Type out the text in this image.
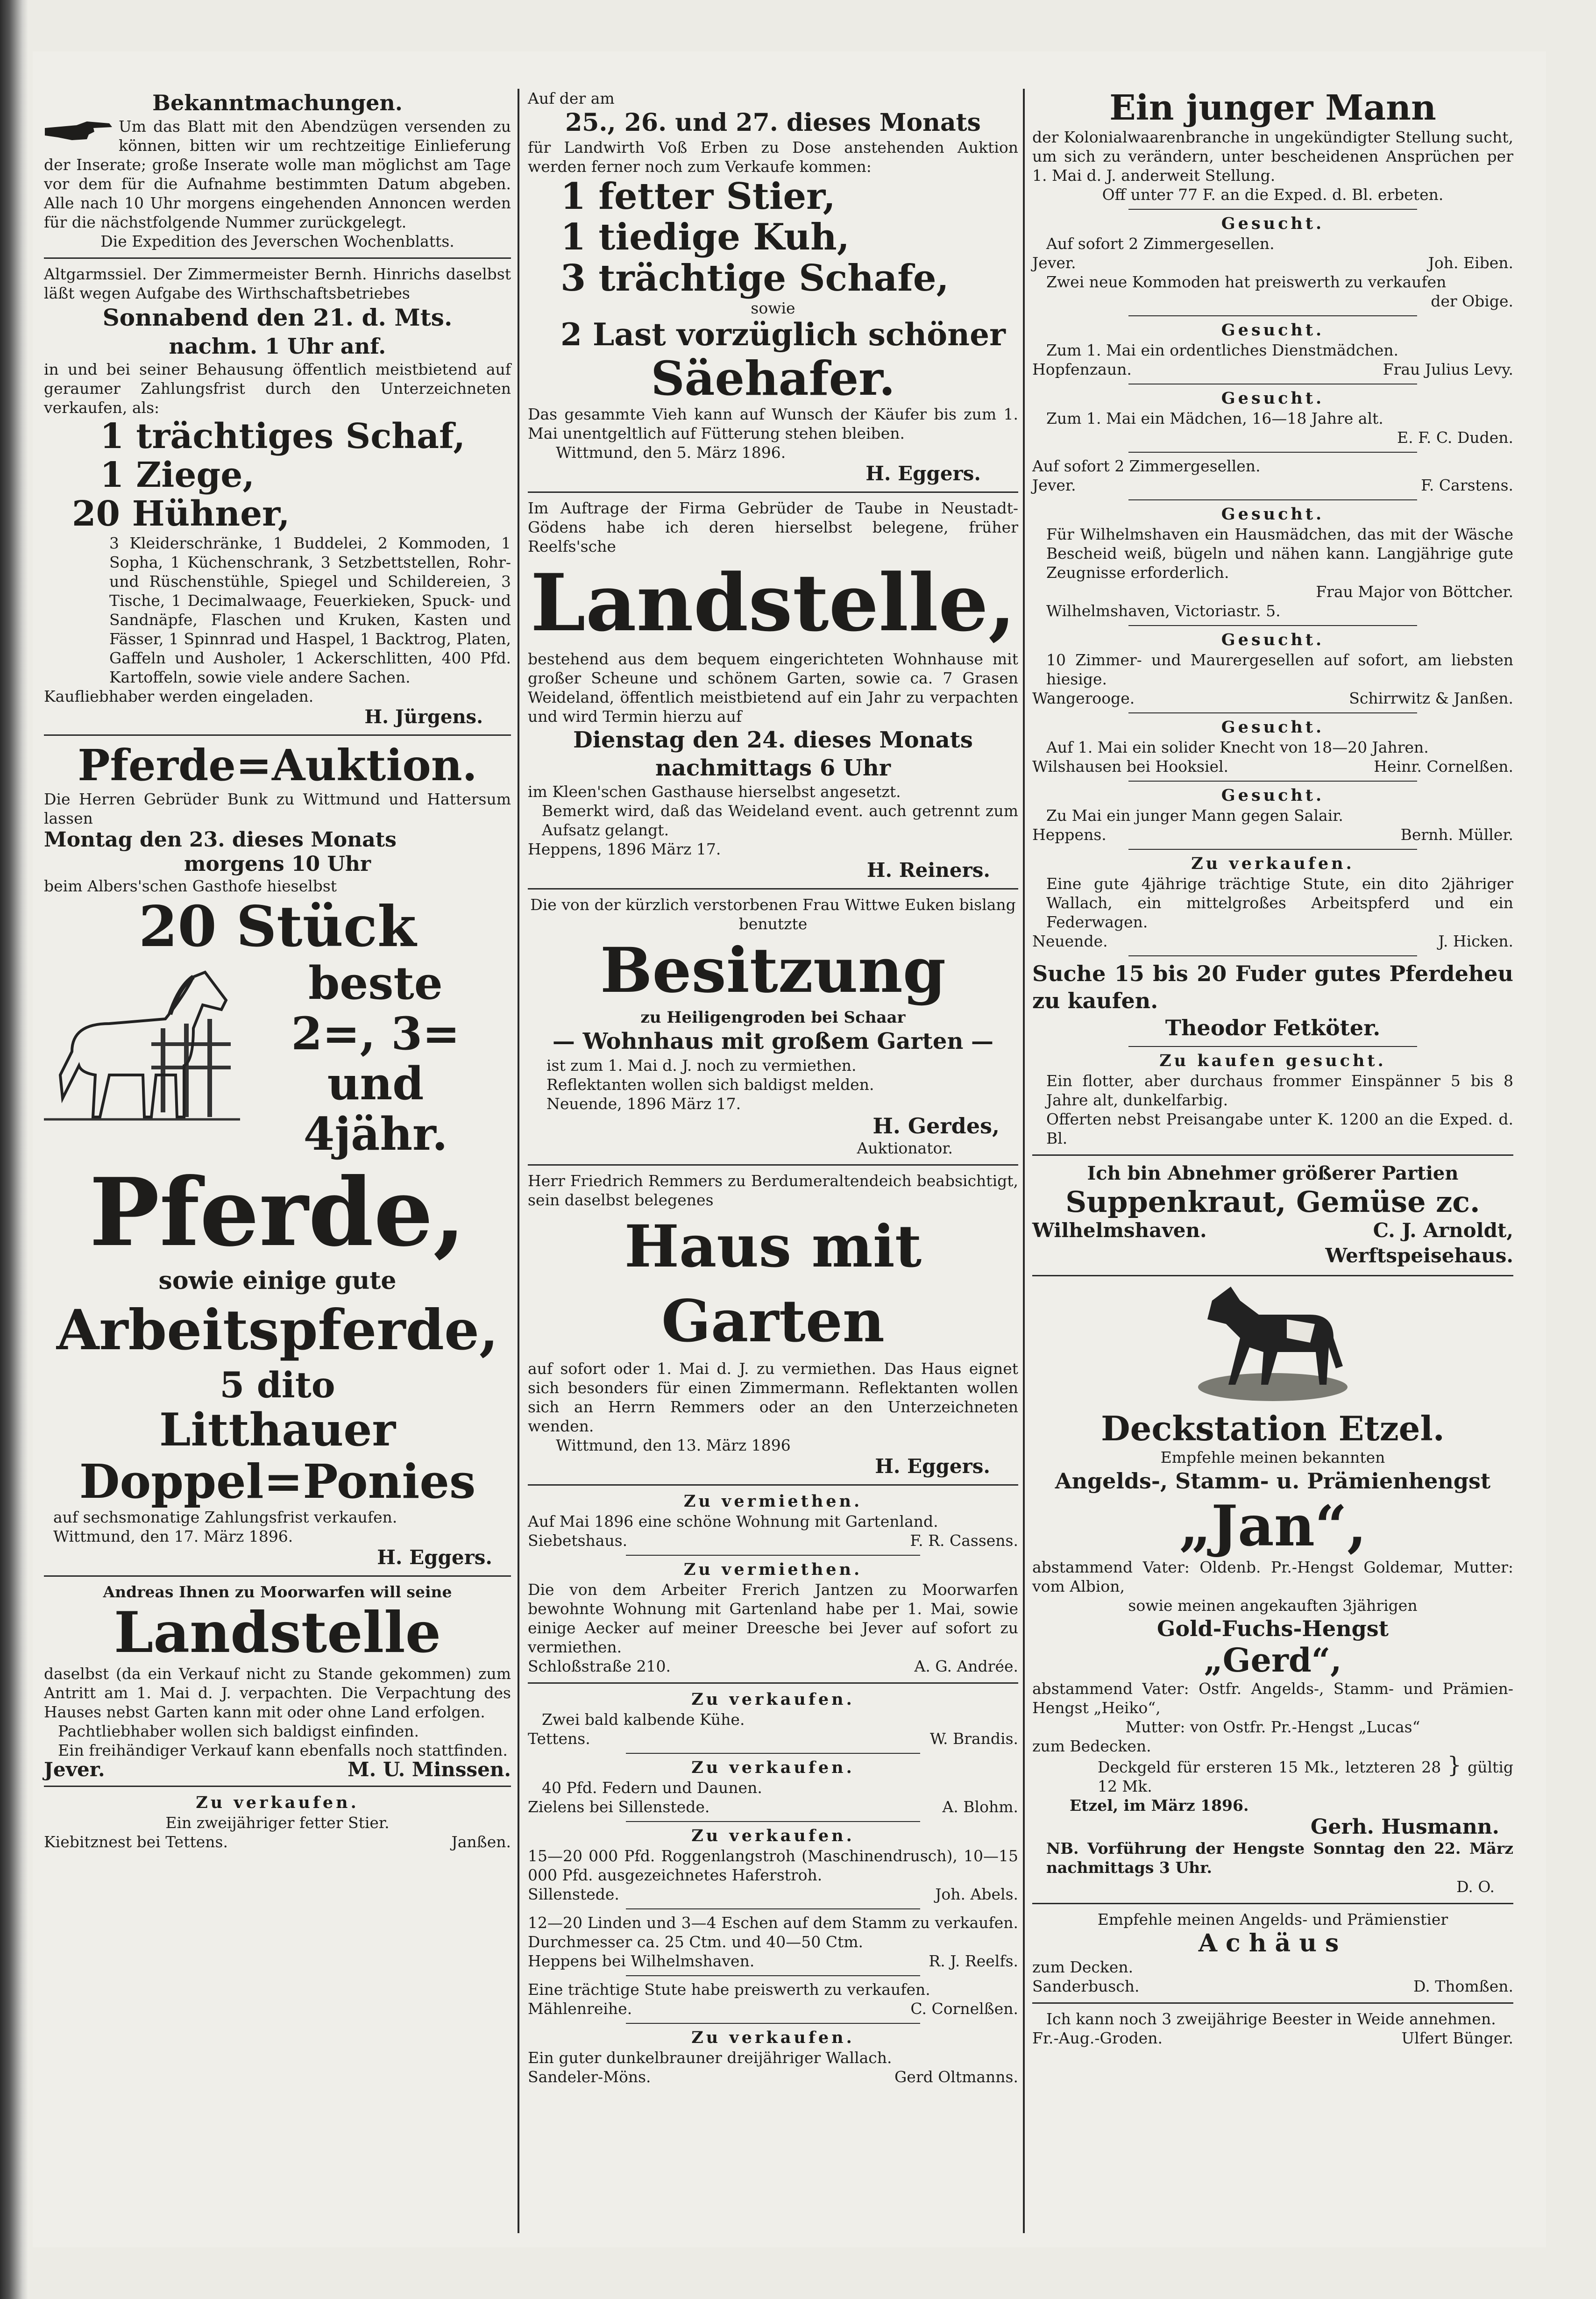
Bekanntmachungen.
Um das Blatt mit den Abendzügen versenden zu können, bitten wir um rechtzeitige Einlieferung der Inserate; große Inserate wolle man möglichst am Tage vor dem für die Aufnahme bestimmten Datum abgeben. Alle nach 10 Uhr morgens eingehenden Annoncen werden für die nächstfolgende Nummer zurückgelegt.
Die Expedition des Jeverschen Wochenblatts.
Altgarmssiel. Der Zimmermeister Bernh. Hinrichs daselbst läßt wegen Aufgabe des Wirthschaftsbetriebes
Sonnabend den 21. d. Mts.
nachm. 1 Uhr anf.
in und bei seiner Behausung öffentlich meistbietend auf geraumer Zahlungsfrist durch den Unterzeichneten verkaufen, als:
1 trächtiges Schaf,
1 Ziege,
20 Hühner,
3 Kleiderschränke, 1 Buddelei, 2 Kommoden, 1 Sopha, 1 Küchenschrank, 3 Setzbettstellen, Rohr- und Rüschenstühle, Spiegel und Schildereien, 3 Tische, 1 Decimalwaage, Feuerkieken, Spuck- und Sandnäpfe, Flaschen und Kruken, Kasten und Fässer, 1 Spinnrad und Haspel, 1 Backtrog, Platen, Gaffeln und Ausholer, 1 Ackerschlitten, 400 Pfd. Kartoffeln, sowie viele andere Sachen.
Kaufliebhaber werden eingeladen.
H. Jürgens.
Pferde=Auktion.
Die Herren Gebrüder Bunk zu Wittmund und Hattersum lassen
Montag den 23. dieses Monats
morgens 10 Uhr
beim Albers'schen Gasthofe hieselbst
20 Stück
beste
2=, 3= und
4jähr.
Pferde,
sowie einige gute
Arbeitspferde,
5 dito
Litthauer
Doppel=Ponies
auf sechsmonatige Zahlungsfrist verkaufen.
Wittmund, den 17. März 1896.
H. Eggers.
Andreas Ihnen zu Moorwarfen will seine
Landstelle
daselbst (da ein Verkauf nicht zu Stande gekommen) zum Antritt am 1. Mai d. J. verpachten. Die Verpachtung des Hauses nebst Garten kann mit oder ohne Land erfolgen.
Pachtliebhaber wollen sich baldigst einfinden.
Ein freihändiger Verkauf kann ebenfalls noch stattfinden.
Jever.	M. U. Minssen.
Zu verkaufen.
Ein zweijähriger fetter Stier.
Kiebitznest bei Tettens.	Janßen.
Auf der am
25., 26. und 27. dieses Monats
für Landwirth Voß Erben zu Dose anstehenden Auktion werden ferner noch zum Verkaufe kommen:
1 fetter Stier,
1 tiedige Kuh,
3 trächtige Schafe,
sowie
2 Last vorzüglich schöner
Säehafer.
Das gesammte Vieh kann auf Wunsch der Käufer bis zum 1. Mai unentgeltlich auf Fütterung stehen bleiben.
Wittmund, den 5. März 1896.
H. Eggers.
Im Auftrage der Firma Gebrüder de Taube in Neustadt-Gödens habe ich deren hierselbst belegene, früher Reelfs'sche
Landstelle,
bestehend aus dem bequem eingerichteten Wohnhause mit großer Scheune und schönem Garten, sowie ca. 7 Grasen Weideland, öffentlich meistbietend auf ein Jahr zu verpachten und wird Termin hierzu auf
Dienstag den 24. dieses Monats
nachmittags 6 Uhr
im Kleen'schen Gasthause hierselbst angesetzt.
Bemerkt wird, daß das Weideland event. auch getrennt zum Aufsatz gelangt.
Heppens, 1896 März 17.
H. Reiners.
Die von der kürzlich verstorbenen Frau Wittwe Euken bislang benutzte
Besitzung
zu Heiligengroden bei Schaar
— Wohnhaus mit großem Garten —
ist zum 1. Mai d. J. noch zu vermiethen.
Reflektanten wollen sich baldigst melden.
Neuende, 1896 März 17.
H. Gerdes,
Auktionator.
Herr Friedrich Remmers zu Berdumeraltendeich beabsichtigt, sein daselbst belegenes
Haus mit Garten
auf sofort oder 1. Mai d. J. zu vermiethen. Das Haus eignet sich besonders für einen Zimmermann. Reflektanten wollen sich an Herrn Remmers oder an den Unterzeichneten wenden.
Wittmund, den 13. März 1896
H. Eggers.
Zu vermiethen.
Auf Mai 1896 eine schöne Wohnung mit Gartenland.
Siebetshaus.	F. R. Cassens.
Zu vermiethen.
Die von dem Arbeiter Frerich Jantzen zu Moorwarfen bewohnte Wohnung mit Gartenland habe per 1. Mai, sowie einige Aecker auf meiner Dreesche bei Jever auf sofort zu vermiethen.
Schloßstraße 210.	A. G. Andrée.
Zu verkaufen.
Zwei bald kalbende Kühe.
Tettens.	W. Brandis.
Zu verkaufen.
40 Pfd. Federn und Daunen.
Zielens bei Sillenstede.	A. Blohm.
Zu verkaufen.
15—20 000 Pfd. Roggenlangstroh (Maschinendrusch), 10—15 000 Pfd. ausgezeichnetes Haferstroh.
Sillenstede.	Joh. Abels.
12—20 Linden und 3—4 Eschen auf dem Stamm zu verkaufen. Durchmesser ca. 25 Ctm. und 40—50 Ctm.
Heppens bei Wilhelmshaven.	R. J. Reelfs.
Eine trächtige Stute habe preiswerth zu verkaufen.
Mählenreihe.	C. Cornelßen.
Zu verkaufen.
Ein guter dunkelbrauner dreijähriger Wallach.
Sandeler-Möns.	Gerd Oltmanns.
Ein junger Mann
der Kolonialwaarenbranche in ungekündigter Stellung sucht, um sich zu verändern, unter bescheidenen Ansprüchen per 1. Mai d. J. anderweit Stellung.
Off unter 77 F. an die Exped. d. Bl. erbeten.
Gesucht.
Auf sofort 2 Zimmergesellen.
Jever.	Joh. Eiben.
Zwei neue Kommoden hat preiswerth zu verkaufen
der Obige.
Gesucht.
Zum 1. Mai ein ordentliches Dienstmädchen.
Hopfenzaun.	Frau Julius Levy.
Gesucht.
Zum 1. Mai ein Mädchen, 16—18 Jahre alt.
E. F. C. Duden.
Auf sofort 2 Zimmergesellen.
Jever.	F. Carstens.
Gesucht.
Für Wilhelmshaven ein Hausmädchen, das mit der Wäsche Bescheid weiß, bügeln und nähen kann. Langjährige gute Zeugnisse erforderlich.
Frau Major von Böttcher.
Wilhelmshaven, Victoriastr. 5.
Gesucht.
10 Zimmer- und Maurergesellen auf sofort, am liebsten hiesige.
Wangerooge.	Schirrwitz & Janßen.
Gesucht.
Auf 1. Mai ein solider Knecht von 18—20 Jahren.
Wilshausen bei Hooksiel.	Heinr. Cornelßen.
Gesucht.
Zu Mai ein junger Mann gegen Salair.
Heppens.	Bernh. Müller.
Zu verkaufen.
Eine gute 4jährige trächtige Stute, ein dito 2jähriger Wallach, ein mittelgroßes Arbeitspferd und ein Federwagen.
Neuende.	J. Hicken.
Suche 15 bis 20 Fuder gutes Pferdeheu zu kaufen.
Theodor Fetköter.
Zu kaufen gesucht.
Ein flotter, aber durchaus frommer Einspänner 5 bis 8 Jahre alt, dunkelfarbig.
Offerten nebst Preisangabe unter K. 1200 an die Exped. d. Bl.
Ich bin Abnehmer größerer Partien
Suppenkraut, Gemüse zc.
Wilhelmshaven.	C. J. Arnoldt,
Werftspeisehaus.
Deckstation Etzel.
Empfehle meinen bekannten
Angelds-, Stamm- u. Prämienhengst
„Jan“,
abstammend Vater: Oldenb. Pr.-Hengst Goldemar, Mutter: vom Albion,
sowie meinen angekauften 3jährigen
Gold-Fuchs-Hengst
„Gerd“,
abstammend Vater: Ostfr. Angelds-, Stamm- und Prämien-Hengst „Heiko“,
Mutter: von Ostfr. Pr.-Hengst „Lucas“
zum Bedecken.
Deckgeld für ersteren 15 Mk., letzteren 28 } gültig 12 Mk.
Etzel, im März 1896.
Gerh. Husmann.
NB. Vorführung der Hengste Sonntag den 22. März nachmittags 3 Uhr.
D. O.
Empfehle meinen Angelds- und Prämienstier
Achäus
zum Decken.
Sanderbusch.	D. Thomßen.
Ich kann noch 3 zweijährige Beester in Weide annehmen.
Fr.-Aug.-Groden.	Ulfert Bünger.
